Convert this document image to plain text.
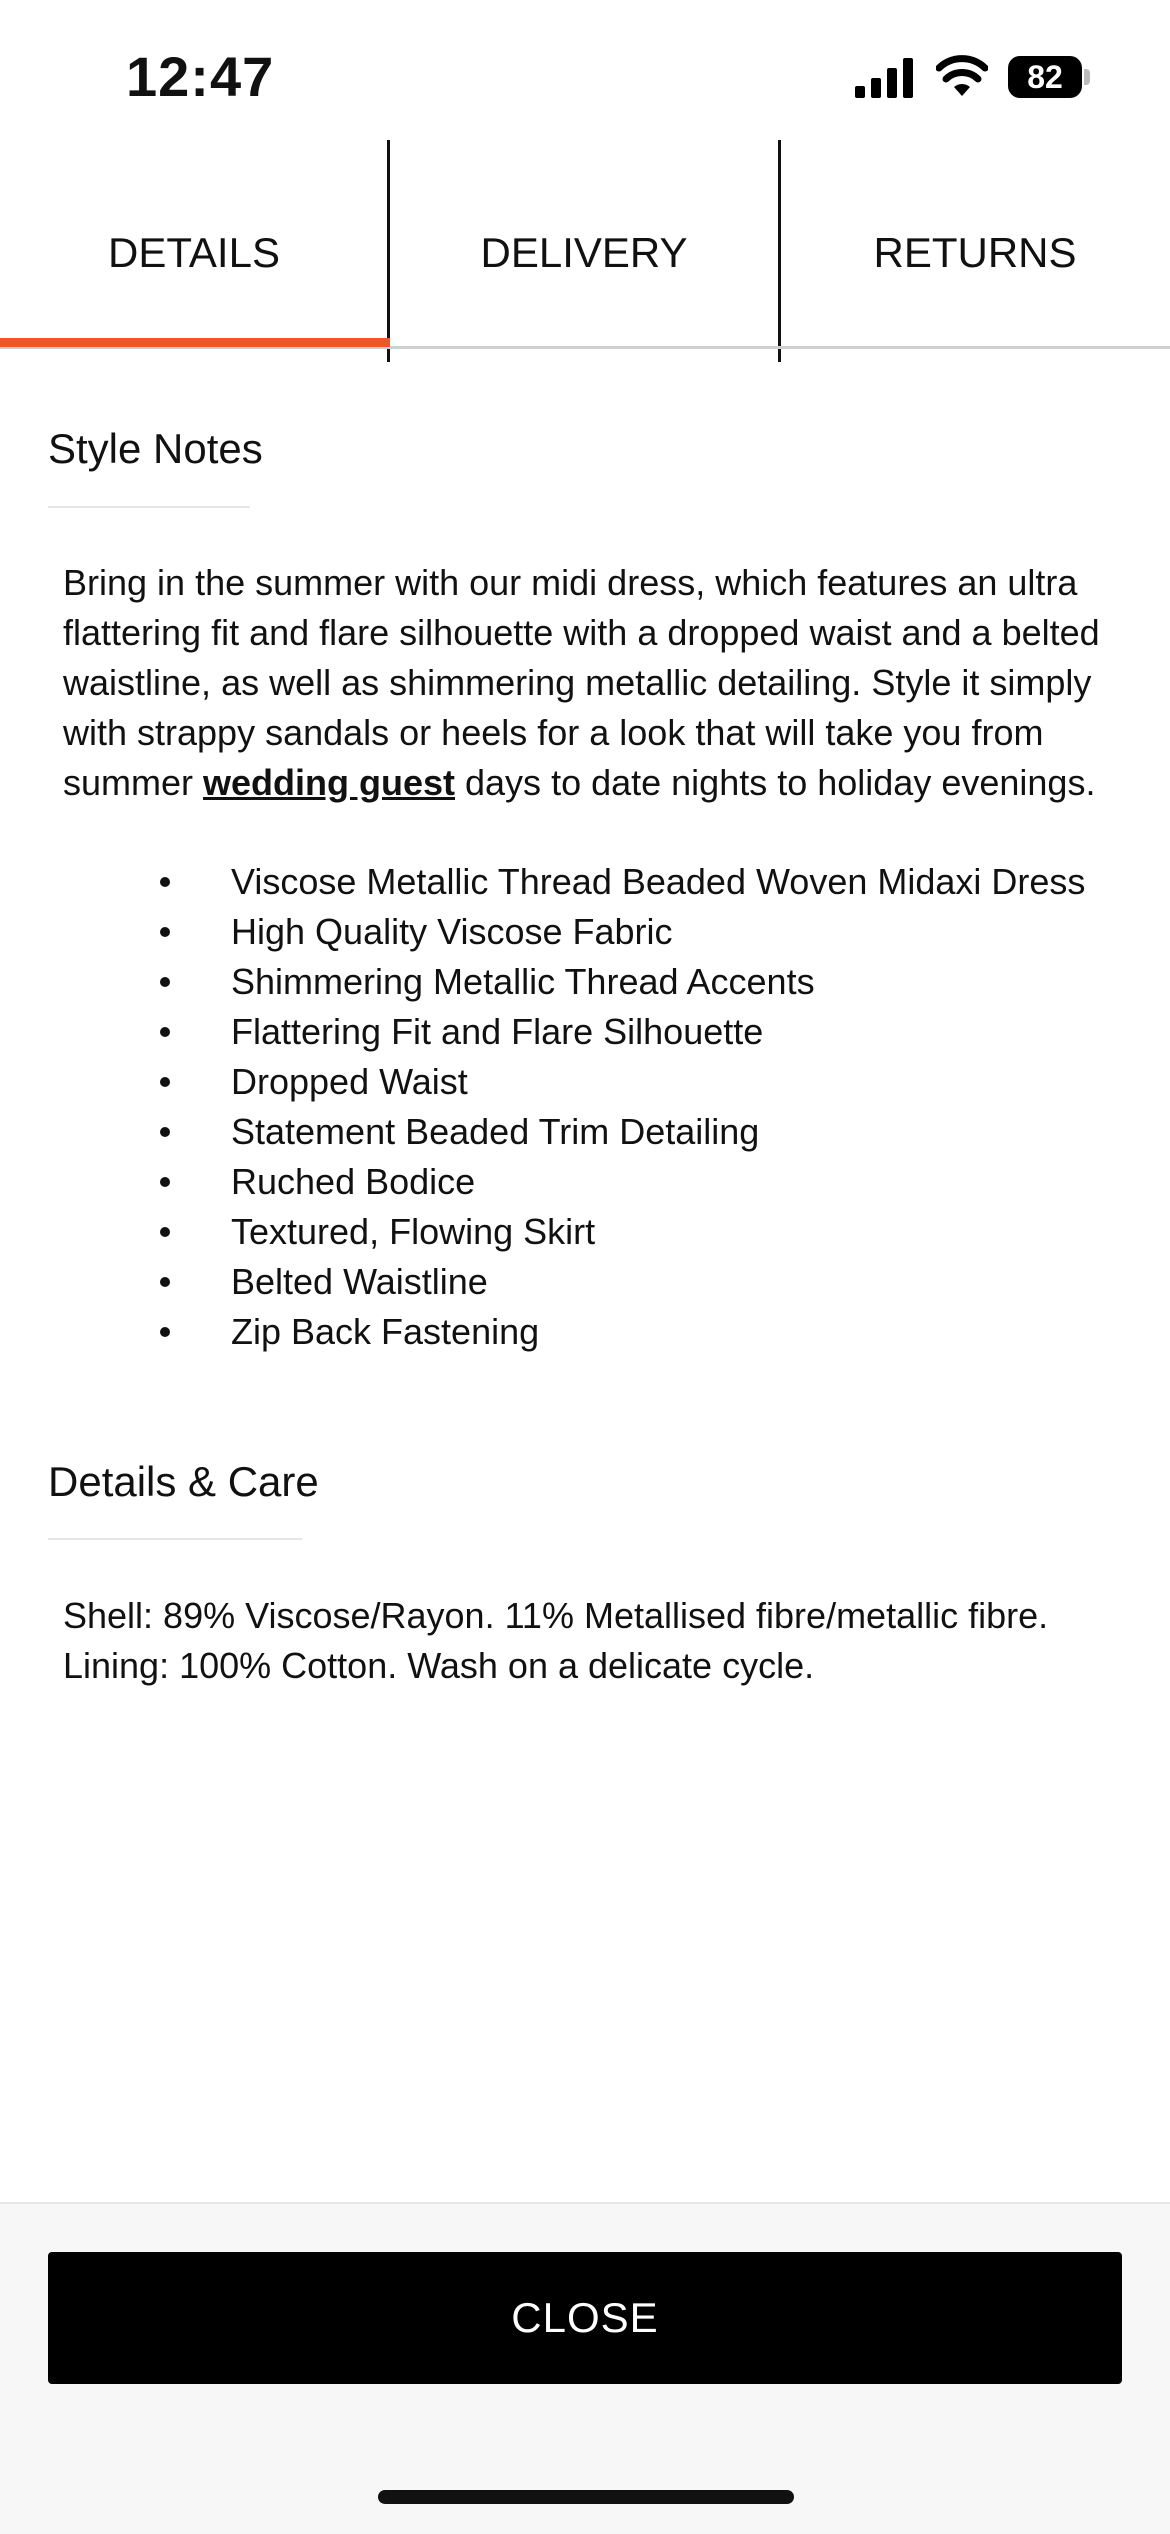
12:47	82
DETAILS	DELIVERY	RETURNS
Style Notes
Bring in the summer with our midi dress, which features an ultra flattering fit and flare silhouette with a dropped waist and a belted waistline, as well as shimmering metallic detailing. Style it simply with strappy sandals or heels for a look that will take you from summer wedding guest days to date nights to holiday evenings.
Viscose Metallic Thread Beaded Woven Midaxi Dress
High Quality Viscose Fabric
Shimmering Metallic Thread Accents
Flattering Fit and Flare Silhouette
Dropped Waist
Statement Beaded Trim Detailing
Ruched Bodice
Textured, Flowing Skirt
Belted Waistline
Zip Back Fastening
Details & Care
Shell: 89% Viscose/Rayon. 11% Metallised fibre/metallic fibre. Lining: 100% Cotton. Wash on a delicate cycle.
CLOSE
